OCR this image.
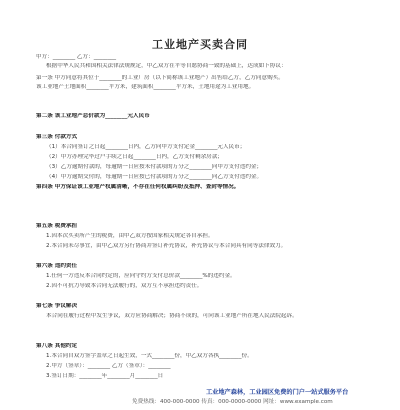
工业地产买卖合同
甲方：________ 乙方：________
根据中华人民共和国相关法律法规规定，甲乙双方在平等自愿协商一致的基础上，达成如下协议：
第一条 甲方同意将其位于________的工业厂房（以下简称该工业地产）出售给乙方，乙方同意购买。
该工业地产土地面积________平方米，建筑面积________平方米，土地用途为工业用地。
第二条 该工业地产总价款为________元人民币
第三条 付款方式
（1）本合同签订之日起________日内，乙方向甲方支付定金________元人民币；
（2）甲方办理完毕过户手续之日起________日内，乙方支付剩余房款；
（3）乙方逾期付款的，每逾期一日应按未付款项的万分之________向甲方支付违约金；
（4）甲方逾期交付的，每逾期一日应按已付款项的万分之________向乙方支付违约金。
第四条 甲方保证该工业地产权属清晰，不存在任何权属纠纷及抵押、查封等情况。
第五条 税费承担
1.因本次买卖所产生的税费，由甲乙双方按国家相关规定各自承担。
2.本合同未尽事宜，由甲乙双方另行协商并签订补充协议，补充协议与本合同具有同等法律效力。
第六条 违约责任
1.任何一方违反本合同约定的，应向守约方支付总价款________%的违约金。
2.因不可抗力导致本合同无法履行的，双方互不承担违约责任。
第七条 争议解决
本合同在履行过程中发生争议，双方应协商解决；协商不成的，可向该工业地产所在地人民法院起诉。
第八条 其他约定
1.本合同自双方签字盖章之日起生效，一式________份，甲乙双方各执________份。
2.甲方（签章）：________ 乙方（签章）：________
3.签订日期：________年________月________日
工业地产森林，工业园区免费的门户一站式服务平台
免费热线：400-000-0000 传真：000-0000-0000 网址：www.example.com
